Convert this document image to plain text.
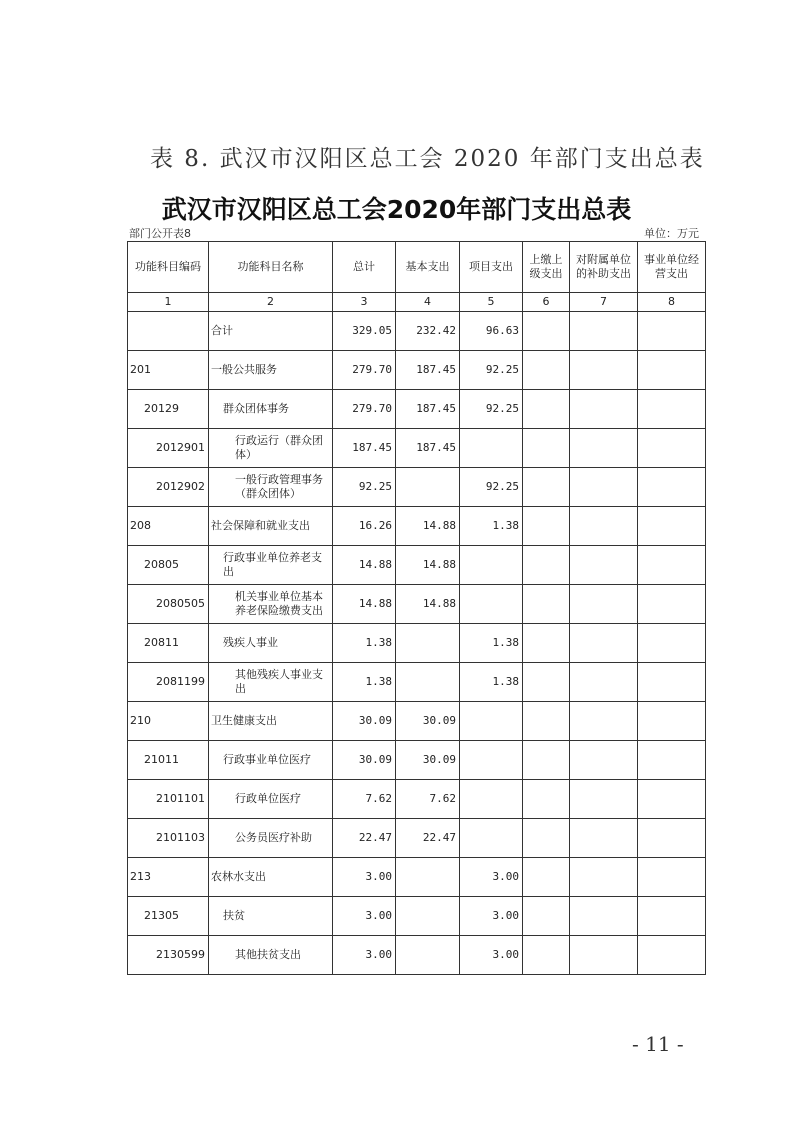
表 8. 武汉市汉阳区总工会 2020 年部门支出总表
武汉市汉阳区总工会2020年部门支出总表
部门公开表8	单位：万元
功能科目编码	功能科目名称	总计	基本支出	项目支出	上缴上级支出	对附属单位的补助支出	事业单位经营支出
1	2	3	4	5	6	7	8
	合计	329.05	232.42	96.63			
201	一般公共服务	279.70	187.45	92.25			
20129	群众团体事务	279.70	187.45	92.25			
2012901	行政运行（群众团体）	187.45	187.45				
2012902	一般行政管理事务（群众团体）	92.25		92.25			
208	社会保障和就业支出	16.26	14.88	1.38			
20805	行政事业单位养老支出	14.88	14.88				
2080505	机关事业单位基本养老保险缴费支出	14.88	14.88				
20811	残疾人事业	1.38		1.38			
2081199	其他残疾人事业支出	1.38		1.38			
210	卫生健康支出	30.09	30.09				
21011	行政事业单位医疗	30.09	30.09				
2101101	行政单位医疗	7.62	7.62				
2101103	公务员医疗补助	22.47	22.47				
213	农林水支出	3.00		3.00			
21305	扶贫	3.00		3.00			
2130599	其他扶贫支出	3.00		3.00			
- 11 -
